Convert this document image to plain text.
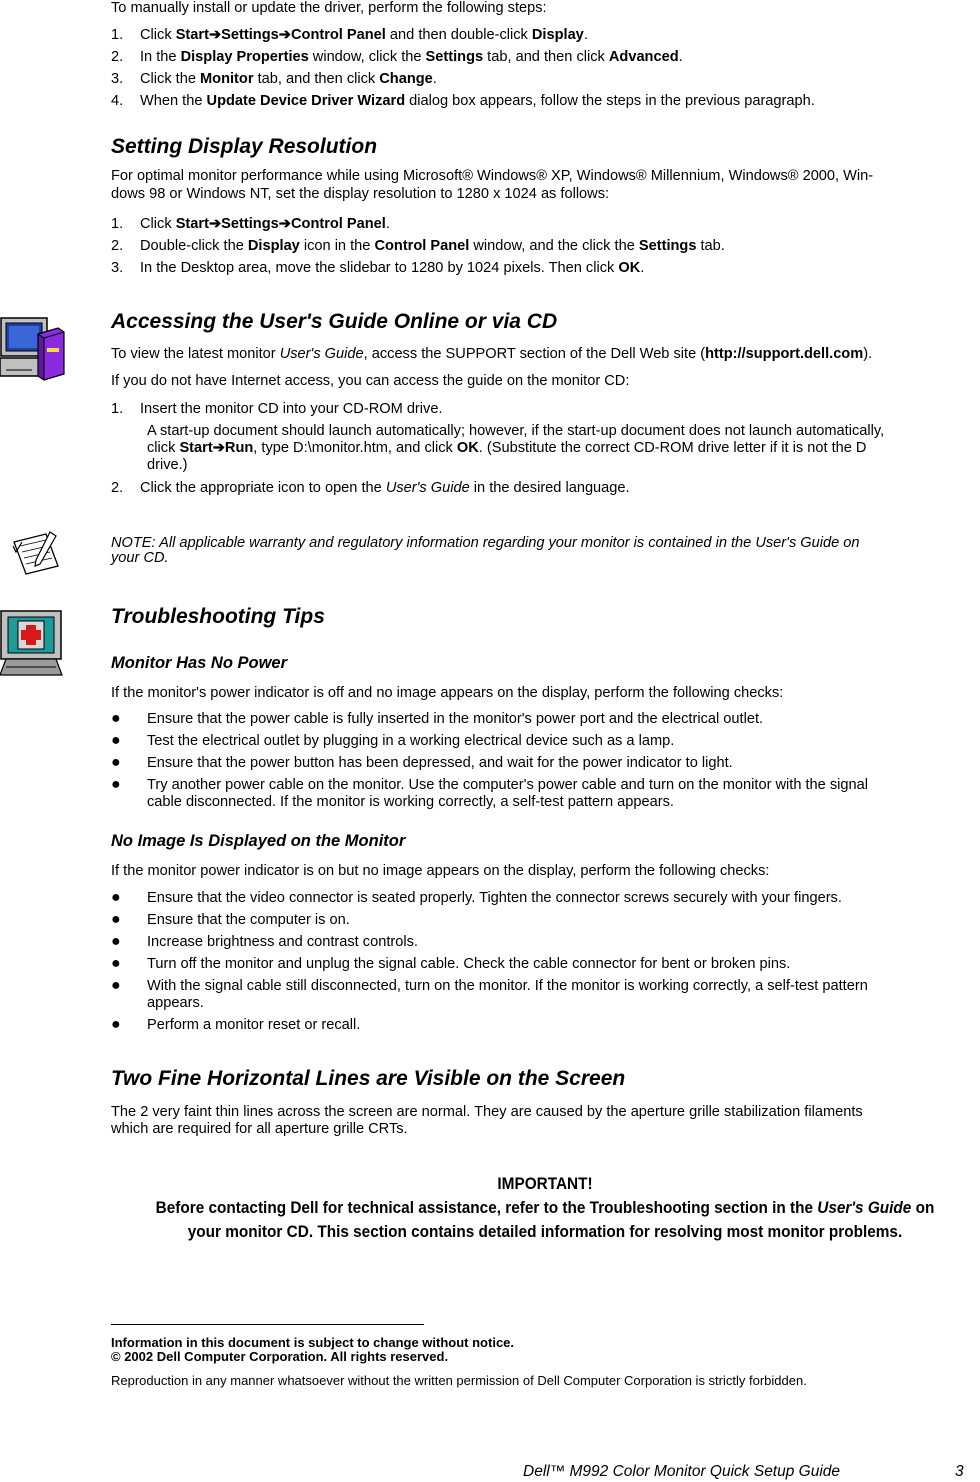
To manually install or update the driver, perform the following steps:

1. Click Start➔Settings➔Control Panel and then double-click Display.
2. In the Display Properties window, click the Settings tab, and then click Advanced.
3. Click the Monitor tab, and then click Change.
4. When the Update Device Driver Wizard dialog box appears, follow the steps in the previous paragraph.
Setting Display Resolution

For optimal monitor performance while using Microsoft® Windows® XP, Windows® Millennium, Windows® 2000, Win-

dows 98 or Windows NT, set the display resolution to 1280 x 1024 as follows:

1. Click Start➔Settings➔Control Panel.
2. Double-click the Display icon in the Control Panel window, and the click the Settings tab.
3. In the Desktop area, move the slidebar to 1280 by 1024 pixels. Then click OK.
Accessing the User's Guide Online or via CD

To view the latest monitor User's Guide, access the SUPPORT section of the Dell Web site (http://support.dell.com).

If you do not have Internet access, you can access the guide on the monitor CD:

1. Insert the monitor CD into your CD-ROM drive.

A start-up document should launch automatically; however, if the start-up document does not launch automatically,

click Start➔Run, type D:\monitor.htm, and click OK. (Substitute the correct CD-ROM drive letter if it is not the D

drive.)

2. Click the appropriate icon to open the User's Guide in the desired language.

NOTE: All applicable warranty and regulatory information regarding your monitor is contained in the User's Guide on

your CD.

Troubleshooting Tips
Monitor Has No Power

If the monitor's power indicator is off and no image appears on the display, perform the following checks:

● Ensure that the power cable is fully inserted in the monitor's power port and the electrical outlet.
● Test the electrical outlet by plugging in a working electrical device such as a lamp.
● Ensure that the power button has been depressed, and wait for the power indicator to light.
● Try another power cable on the monitor. Use the computer's power cable and turn on the monitor with the signal

cable disconnected. If the monitor is working correctly, a self-test pattern appears.

No Image Is Displayed on the Monitor

If the monitor power indicator is on but no image appears on the display, perform the following checks:

● Ensure that the video connector is seated properly. Tighten the connector screws securely with your fingers.
● Ensure that the computer is on.
● Increase brightness and contrast controls.
● Turn off the monitor and unplug the signal cable. Check the cable connector for bent or broken pins.
● With the signal cable still disconnected, turn on the monitor. If the monitor is working correctly, a self-test pattern

appears.

● Perform a monitor reset or recall.
Two Fine Horizontal Lines are Visible on the Screen

The 2 very faint thin lines across the screen are normal. They are caused by the aperture grille stabilization filaments

which are required for all aperture grille CRTs.

IMPORTANT!
Before contacting Dell for technical assistance, refer to the Troubleshooting section in the User's Guide on
your monitor CD. This section contains detailed information for resolving most monitor problems.

Information in this document is subject to change without notice.

© 2002 Dell Computer Corporation. All rights reserved.

Reproduction in any manner whatsoever without the written permission of Dell Computer Corporation is strictly forbidden.

Dell™ M992 Color Monitor Quick Setup Guide	3
